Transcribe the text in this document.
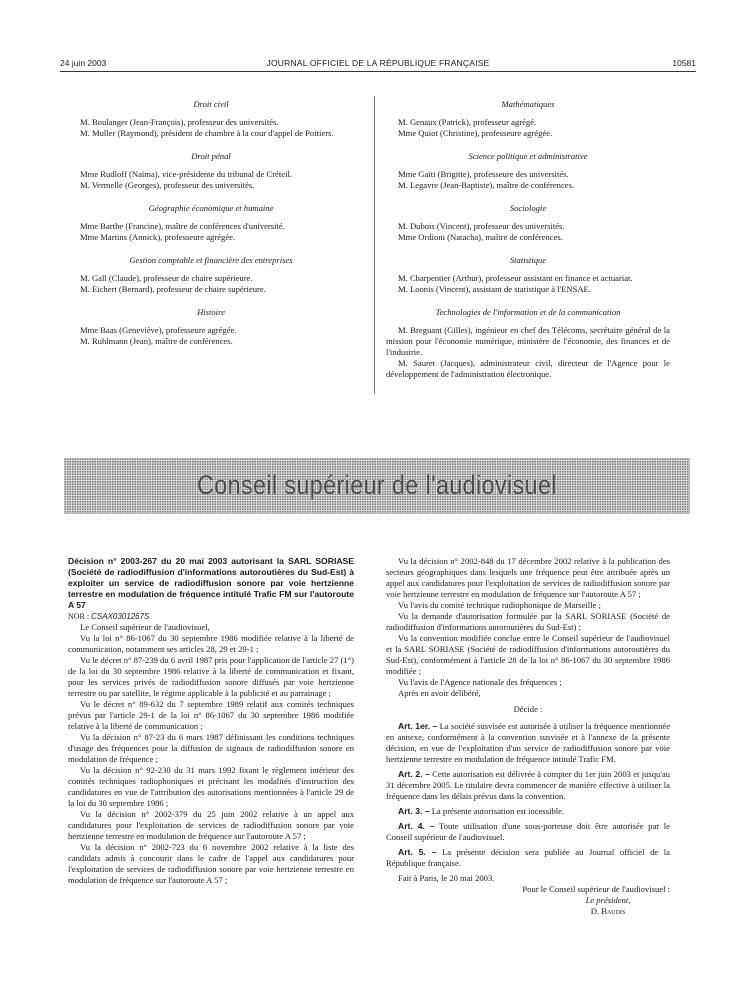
24 juin 2003	JOURNAL OFFICIEL DE LA RÉPUBLIQUE FRANÇAISE	10581

Droit civil

M. Boulanger (Jean-François), professeur des universités.

M. Muller (Raymond), président de chambre à la cour d'appel de Poitiers.

Droit pénal

Mme Rudloff (Naïma), vice-présidente du tribunal de Créteil.

M. Vermelle (Georges), professeur des universités.

Géographie économique et humaine

Mme Barthe (Francine), maître de conférences d'université.

Mme Martins (Annick), professeure agrégée.

Gestion comptable et financière des entreprises

M. Gall (Claude), professeur de chaire supérieure.

M. Eichert (Bernard), professeur de chaire supérieure.

Histoire

Mme Baas (Geneviève), professeure agrégée.

M. Ruhlmann (Jean), maître de conférences.

Mathématiques

M. Genaux (Patrick), professeur agrégé.

Mme Quiot (Christine), professeure agrégée.

Science politique et administrative

Mme Gaïti (Brigitte), professeure des universités.

M. Legavre (Jean-Baptiste), maître de conférences.

Sociologie

M. Dubois (Vincent), professeur des universités.

Mme Ordioni (Natacha), maître de conférences.

Statistique

M. Charpentier (Arthur), professeur assistant en finance et actuariat.

M. Loonis (Vincent), assistant de statistique à l'ENSAE.

Technologies de l'information et de la communication

M. Breguant (Gilles), ingénieur en chef des Télécoms, secrétaire général de la mission pour l'économie numérique, ministère de l'économie, des finances et de l'industrie.

M. Sauret (Jacques), administrateur civil, directeur de l'Agence pour le développement de l'administration électronique.

Conseil supérieur de l'audiovisuel

Décision n° 2003-267 du 20 mai 2003 autorisant la SARL SORIASE (Société de radiodiffusion d'informations autoroutières du Sud-Est) à exploiter un service de radiodiffusion sonore par voie hertzienne terrestre en modulation de fréquence intitulé Trafic FM sur l'autoroute A 57

NOR : CSAX0301267S

Le Conseil supérieur de l'audiovisuel,

Vu la loi n° 86-1067 du 30 septembre 1986 modifiée relative à la liberté de communication, notamment ses articles 28, 29 et 29-1 ;

Vu le décret n° 87-239 du 6 avril 1987 pris pour l'application de l'article 27 (1°) de la loi du 30 septembre 1986 relative à la liberté de communication et fixant, pour les services privés de radiodiffusion sonore diffusés par voie hertzienne terrestre ou par satellite, le régime applicable à la publicité et au parrainage ;

Vu le décret n° 89-632 du 7 septembre 1989 relatif aux comités techniques prévus par l'article 29-1 de la loi n° 86-1067 du 30 septembre 1986 modifiée relative à la liberté de communication ;

Vu la décision n° 87-23 du 6 mars 1987 définissant les conditions techniques d'usage des fréquences pour la diffusion de signaux de radiodiffusion sonore en modulation de fréquence ;

Vu la décision n° 92-230 du 31 mars 1992 fixant le règlement intérieur des comités techniques radiophoniques et précisant les modalités d'instruction des candidatures en vue de l'attribution des autorisations mentionnées à l'article 29 de la loi du 30 septembre 1986 ;

Vu la décision n° 2002-379 du 25 juin 2002 relative à un appel aux candidatures pour l'exploitation de services de radiodiffusion sonore par voie hertzienne terrestre en modulation de fréquence sur l'autoroute A 57 ;

Vu la décision n° 2002-723 du 6 novembre 2002 relative à la liste des candidats admis à concourir dans le cadre de l'appel aux candidatures pour l'exploitation de services de radiodiffusion sonore par voie hertzienne terrestre en modulation de fréquence sur l'autoroute A 57 ;

Vu la décision n° 2002-848 du 17 décembre 2002 relative à la publication des secteurs géographiques dans lesquels une fréquence peut être attribuée après un appel aux candidatures pour l'exploitation de services de radiodiffusion sonore par voie hertzienne terrestre en modulation de fréquence sur l'autoroute A 57 ;

Vu l'avis du comité technique radiophonique de Marseille ;

Vu la demande d'autorisation formulée par la SARL SORIASE (Société de radiodiffusion d'informations autoroutières du Sud-Est) ;

Vu la convention modifiée conclue entre le Conseil supérieur de l'audiovisuel et la SARL SORIASE (Société de radiodiffusion d'informations autoroutières du Sud-Est), conformément à l'article 28 de la loi n° 86-1067 du 30 septembre 1986 modifiée ;

Vu l'avis de l'Agence nationale des fréquences ;

Après en avoir délibéré,

Décide :

Art. 1er. – La société susvisée est autorisée à utiliser la fréquence mentionnée en annexe, conformément à la convention susvisée et à l'annexe de la présente décision, en vue de l'exploitation d'un service de radiodiffusion sonore par voie hertzienne terrestre en modulation de fréquence intitulé Trafic FM.

Art. 2. – Cette autorisation est délivrée à compter du 1er juin 2003 et jusqu'au 31 décembre 2005. Le titulaire devra commencer de manière effective à utiliser la fréquence dans les délais prévus dans la convention.

Art. 3. – La présente autorisation est incessible.

Art. 4. – Toute utilisation d'une sous-porteuse doit être autorisée par le Conseil supérieur de l'audiovisuel.

Art. 5. – La présente décision sera publiée au Journal officiel de la République française.

Fait à Paris, le 20 mai 2003.

Pour le Conseil supérieur de l'audiovisuel :

Le président,

D. Baudis
